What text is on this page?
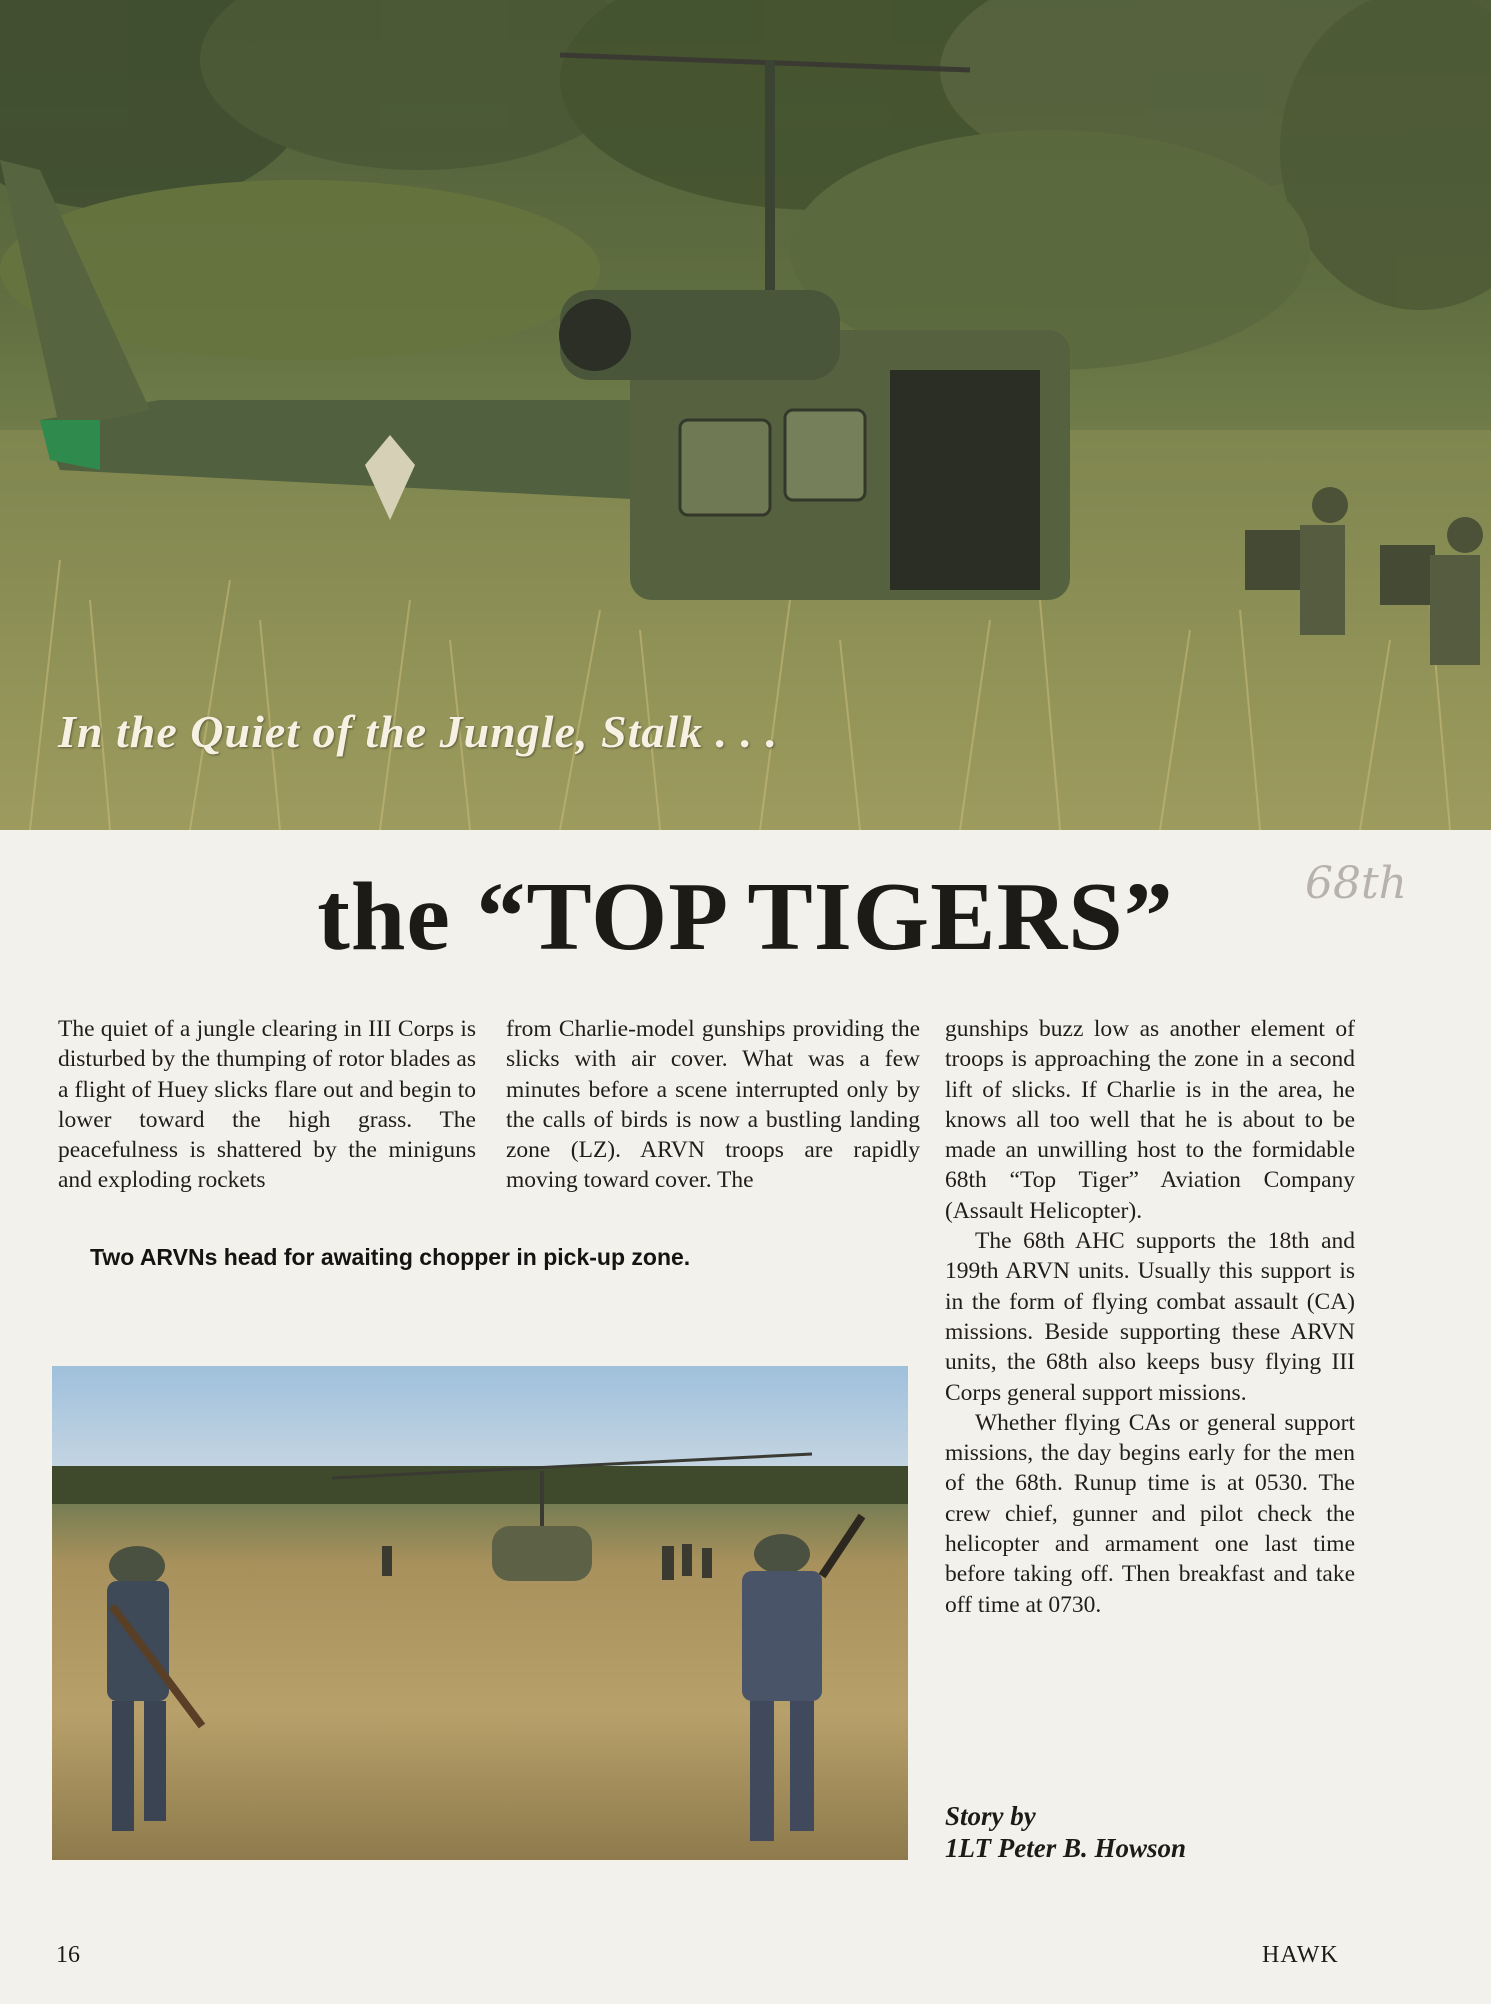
In the Quiet of the Jungle, Stalk . . .
the “TOP TIGERS”	68th

The quiet of a jungle clearing in III Corps is disturbed by the thumping of rotor blades as a flight of Huey slicks flare out and begin to lower toward the high grass. The peacefulness is shattered by the miniguns and exploding rockets

from Charlie-model gunships providing the slicks with air cover. What was a few minutes before a scene interrupted only by the calls of birds is now a bustling landing zone (LZ). ARVN troops are rapidly moving toward cover. The

gunships buzz low as another element of troops is approaching the zone in a second lift of slicks. If Charlie is in the area, he knows all too well that he is about to be made an unwilling host to the formidable 68th “Top Tiger” Aviation Company (Assault Helicopter).

The 68th AHC supports the 18th and 199th ARVN units. Usually this support is in the form of flying combat assault (CA) missions. Beside supporting these ARVN units, the 68th also keeps busy flying III Corps general support missions.

Whether flying CAs or general support missions, the day begins early for the men of the 68th. Runup time is at 0530. The crew chief, gunner and pilot check the helicopter and armament one last time before taking off. Then breakfast and take off time at 0730.

Two ARVNs head for awaiting chopper in pick-up zone.
Story by
1LT Peter B. Howson
16	HAWK
